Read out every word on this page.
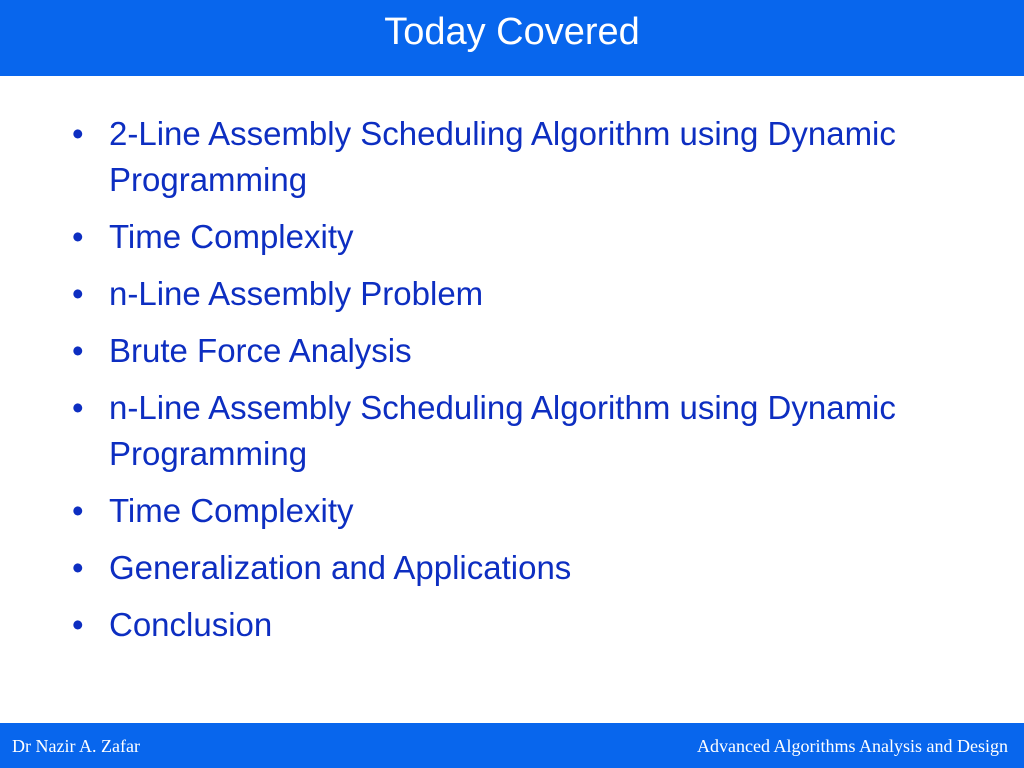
Today Covered
• 2-Line Assembly Scheduling Algorithm using Dynamic Programming
• Time Complexity
• n-Line Assembly Problem
• Brute Force Analysis
• n-Line Assembly Scheduling Algorithm using Dynamic Programming
• Time Complexity
• Generalization and Applications
• Conclusion
Dr Nazir A. Zafar	Advanced Algorithms Analysis and Design
